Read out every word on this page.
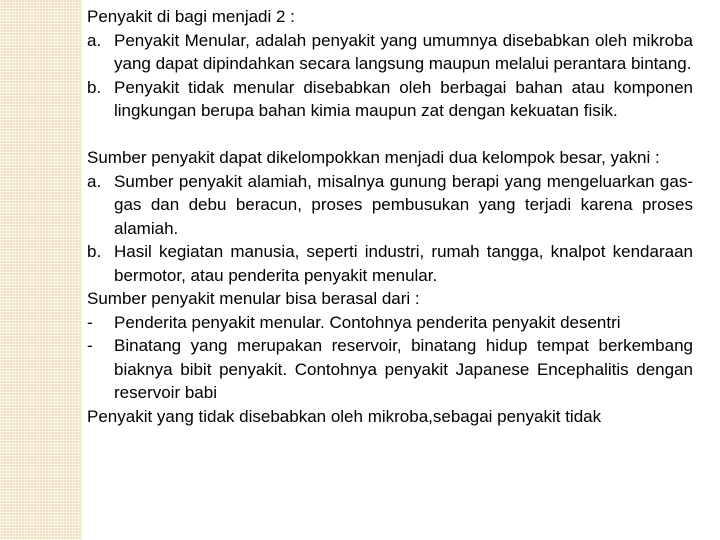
Penyakit di bagi menjadi 2 :

a. Penyakit Menular, adalah penyakit yang umumnya disebabkan oleh mikroba yang dapat dipindahkan secara langsung maupun melalui perantara bintang.
b. Penyakit tidak menular disebabkan oleh berbagai bahan atau komponen lingkungan berupa bahan kimia maupun zat dengan kekuatan fisik.

Sumber penyakit dapat dikelompokkan menjadi dua kelompok besar, yakni :

a. Sumber penyakit alamiah, misalnya gunung berapi yang mengeluarkan gas-gas dan debu beracun, proses pembusukan yang terjadi karena proses alamiah.
b. Hasil kegiatan manusia, seperti industri, rumah tangga, knalpot kendaraan bermotor, atau penderita penyakit menular.

Sumber penyakit menular bisa berasal dari :

-	Penderita penyakit menular. Contohnya penderita penyakit desentri
-	Binatang yang merupakan reservoir, binatang hidup tempat berkembang biaknya bibit penyakit. Contohnya penyakit Japanese Encephalitis dengan reservoir babi

Penyakit yang tidak disebabkan oleh mikroba,sebagai penyakit tidak
